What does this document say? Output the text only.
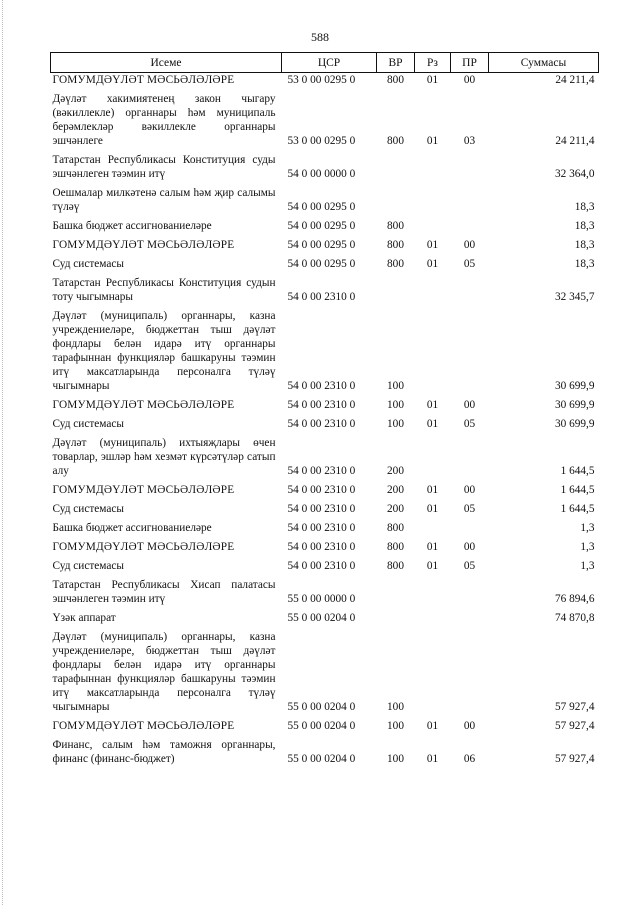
588
Исеме	ЦСР	ВР	Рз	ПР	Суммасы
ГОМУМДӘҮЛӘТ МӘСЬӘЛӘЛӘРЕ	53 0 00 0295 0	800	01	00	24 211,4
Дәүләт хакимиятенең закон чыгару (вәкиллекле) органнары һәм муниципаль берәмлекләр вәкиллекле органнары эшчәнлеге	53 0 00 0295 0	800	01	03	24 211,4
Татарстан Республикасы Конституция суды эшчәнлеген тәэмин итү	54 0 00 0000 0				32 364,0
Оешмалар милкәтенә салым һәм җир салымы түләү	54 0 00 0295 0				18,3
Башка бюджет ассигнованиеләре	54 0 00 0295 0	800			18,3
ГОМУМДӘҮЛӘТ МӘСЬӘЛӘЛӘРЕ	54 0 00 0295 0	800	01	00	18,3
Суд системасы	54 0 00 0295 0	800	01	05	18,3
Татарстан Республикасы Конституция судын тоту чыгымнары	54 0 00 2310 0				32 345,7
Дәүләт (муниципаль) органнары, казна учреждениеләре, бюджеттан тыш дәүләт фондлары белән идарә итү органнары тарафыннан функцияләр башкаруны тәэмин итү максатларында персоналга түләү чыгымнары	54 0 00 2310 0	100			30 699,9
ГОМУМДӘҮЛӘТ МӘСЬӘЛӘЛӘРЕ	54 0 00 2310 0	100	01	00	30 699,9
Суд системасы	54 0 00 2310 0	100	01	05	30 699,9
Дәүләт (муниципаль) ихтыяҗлары өчен товарлар, эшләр һәм хезмәт күрсәтүләр сатып алу	54 0 00 2310 0	200			1 644,5
ГОМУМДӘҮЛӘТ МӘСЬӘЛӘЛӘРЕ	54 0 00 2310 0	200	01	00	1 644,5
Суд системасы	54 0 00 2310 0	200	01	05	1 644,5
Башка бюджет ассигнованиеләре	54 0 00 2310 0	800			1,3
ГОМУМДӘҮЛӘТ МӘСЬӘЛӘЛӘРЕ	54 0 00 2310 0	800	01	00	1,3
Суд системасы	54 0 00 2310 0	800	01	05	1,3
Татарстан Республикасы Хисап палатасы эшчәнлеген тәэмин итү	55 0 00 0000 0				76 894,6
Үзәк аппарат	55 0 00 0204 0				74 870,8
Дәүләт (муниципаль) органнары, казна учреждениеләре, бюджеттан тыш дәүләт фондлары белән идарә итү органнары тарафыннан функцияләр башкаруны тәэмин итү максатларында персоналга түләү чыгымнары	55 0 00 0204 0	100			57 927,4
ГОМУМДӘҮЛӘТ МӘСЬӘЛӘЛӘРЕ	55 0 00 0204 0	100	01	00	57 927,4
Финанс, салым һәм таможня органнары, финанс (финанс-бюджет)	55 0 00 0204 0	100	01	06	57 927,4
